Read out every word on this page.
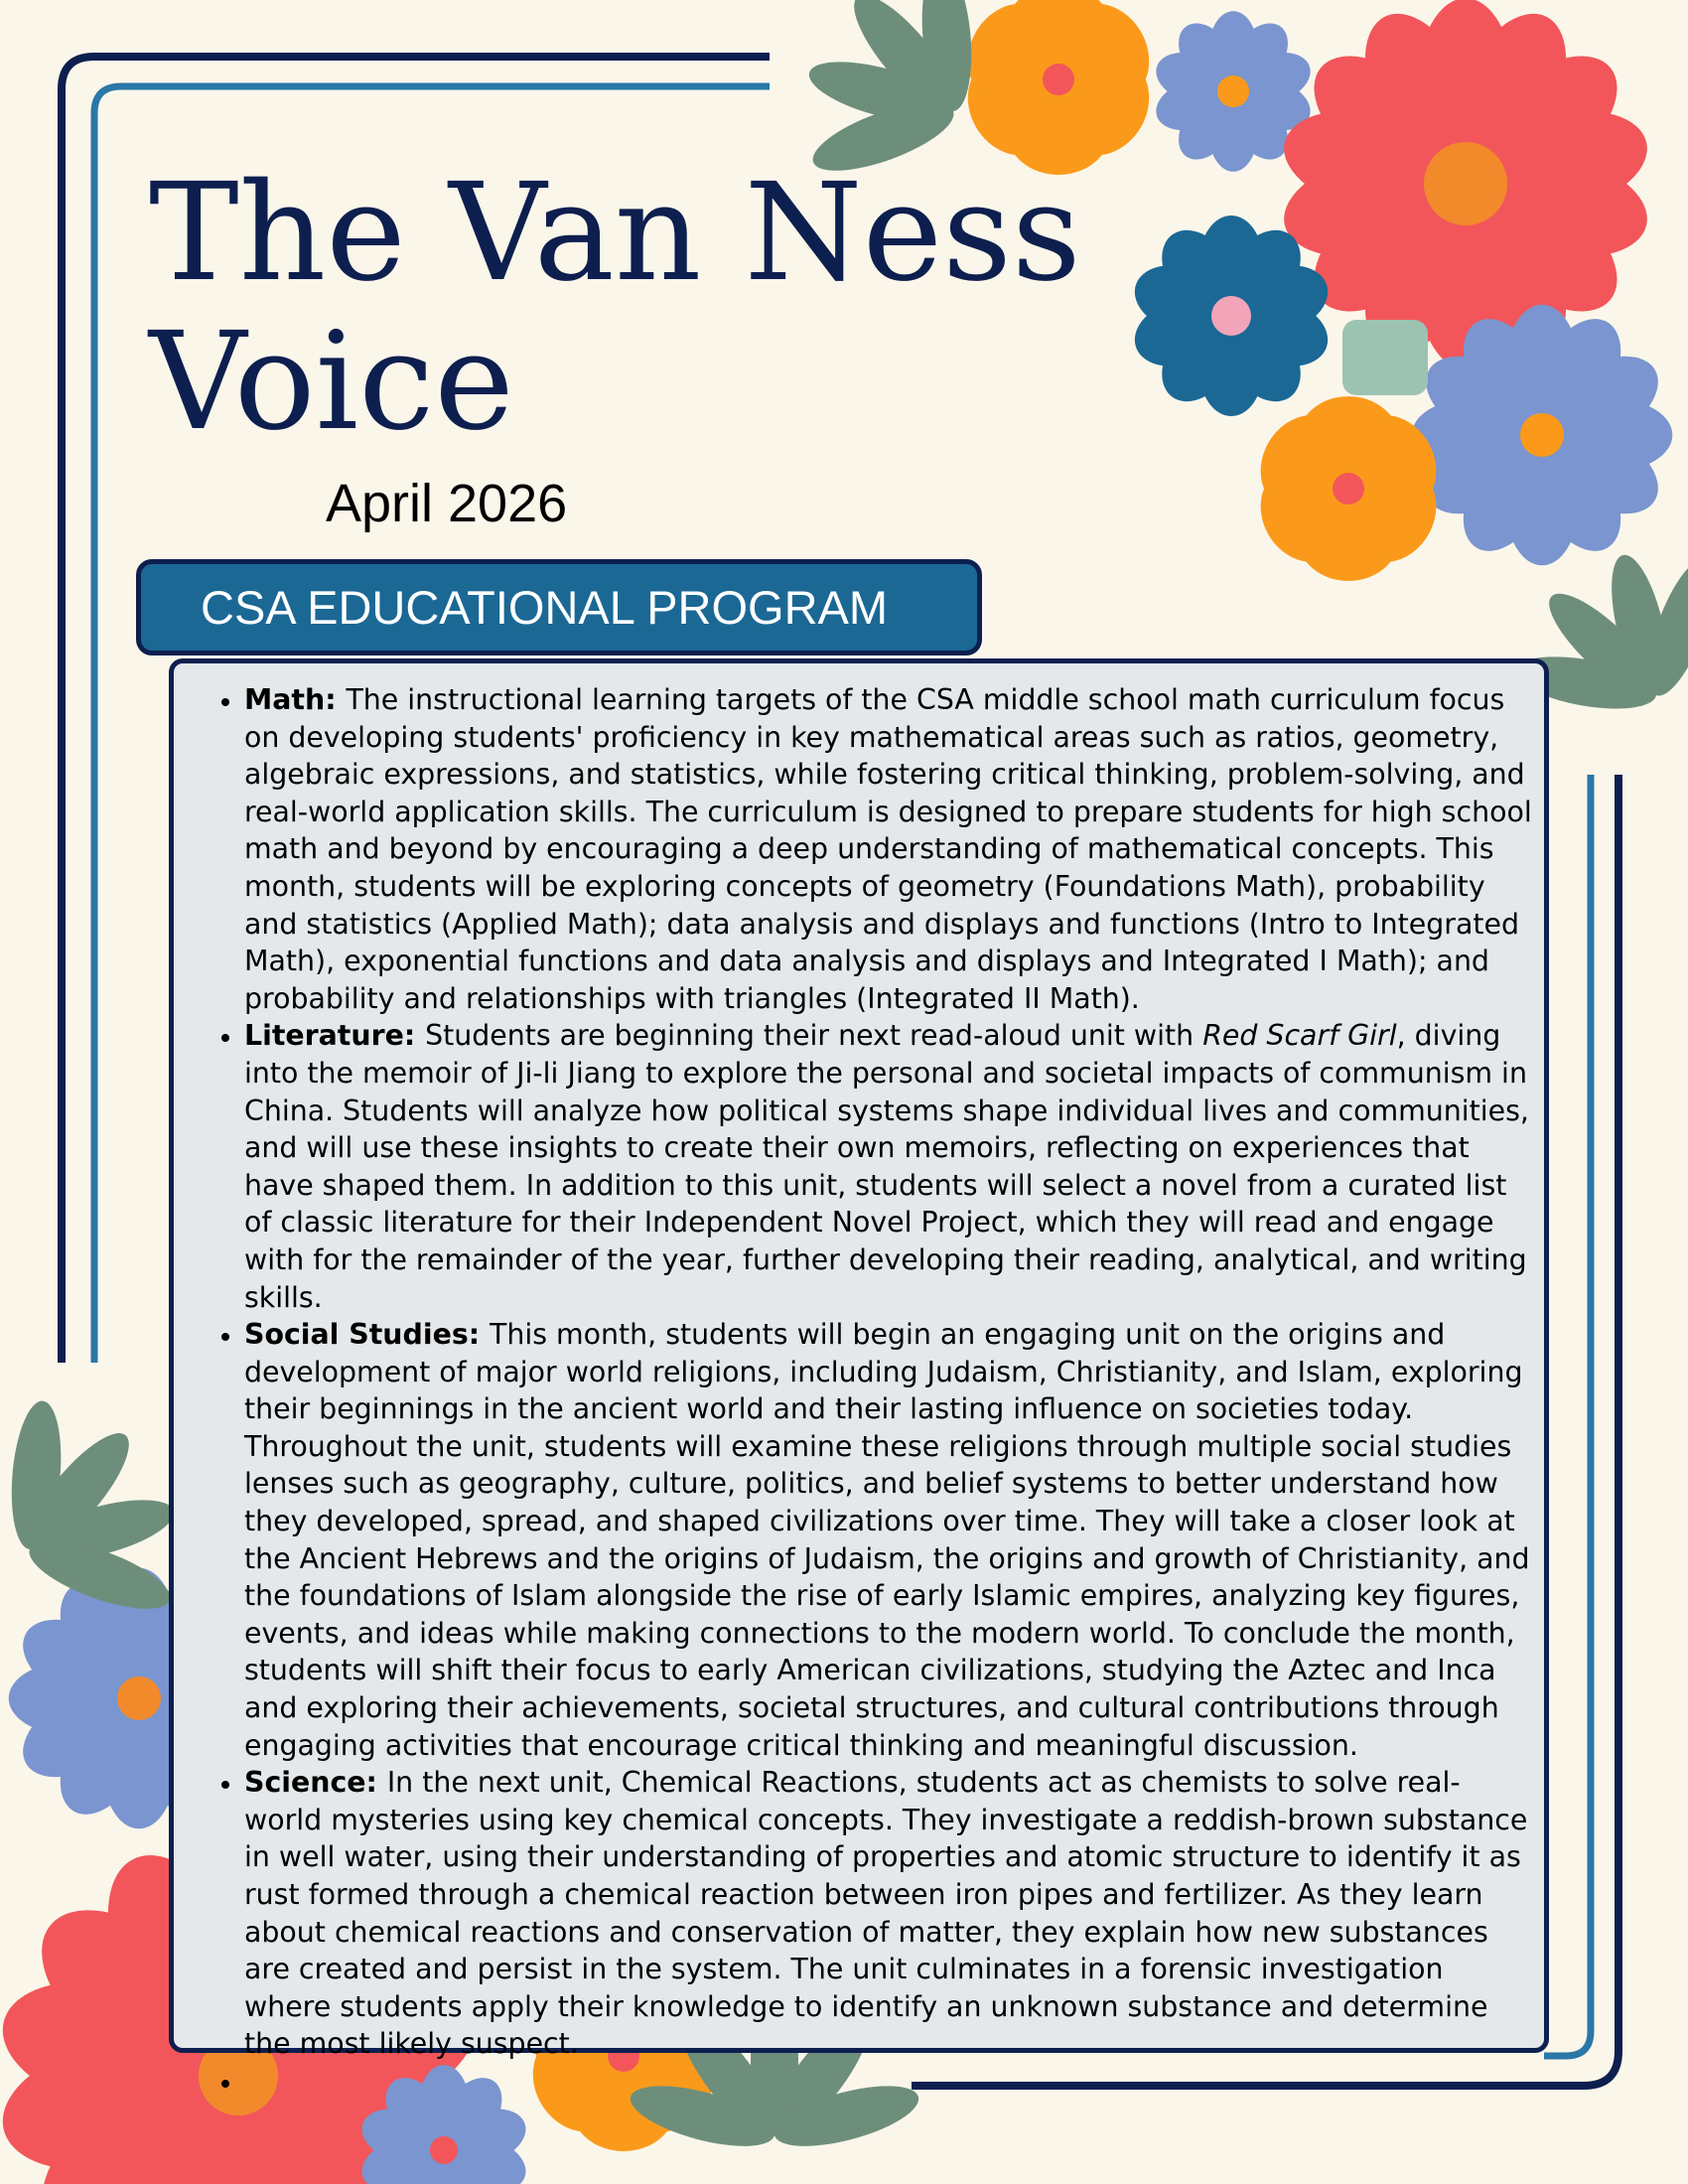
The Van Ness
Voice
April 2026
CSA EDUCATIONAL PROGRAM
• Math: The instructional learning targets of the CSA middle school math curriculum focus on developing students' proficiency in key mathematical areas such as ratios, geometry, algebraic expressions, and statistics, while fostering critical thinking, problem-solving, and real-world application skills. The curriculum is designed to prepare students for high school math and beyond by encouraging a deep understanding of mathematical concepts. This month, students will be exploring concepts of geometry (Foundations Math), probability and statistics (Applied Math); data analysis and displays and functions (Intro to Integrated Math), exponential functions and data analysis and displays and Integrated I Math); and probability and relationships with triangles (Integrated II Math).
• Literature: Students are beginning their next read-aloud unit with Red Scarf Girl, diving into the memoir of Ji-li Jiang to explore the personal and societal impacts of communism in China. Students will analyze how political systems shape individual lives and communities, and will use these insights to create their own memoirs, reflecting on experiences that have shaped them. In addition to this unit, students will select a novel from a curated list of classic literature for their Independent Novel Project, which they will read and engage with for the remainder of the year, further developing their reading, analytical, and writing skills.
• Social Studies: This month, students will begin an engaging unit on the origins and development of major world religions, including Judaism, Christianity, and Islam, exploring their beginnings in the ancient world and their lasting influence on societies today. Throughout the unit, students will examine these religions through multiple social studies lenses such as geography, culture, politics, and belief systems to better understand how they developed, spread, and shaped civilizations over time. They will take a closer look at the Ancient Hebrews and the origins of Judaism, the origins and growth of Christianity, and the foundations of Islam alongside the rise of early Islamic empires, analyzing key figures, events, and ideas while making connections to the modern world. To conclude the month, students will shift their focus to early American civilizations, studying the Aztec and Inca and exploring their achievements, societal structures, and cultural contributions through engaging activities that encourage critical thinking and meaningful discussion.
• Science: In the next unit, Chemical Reactions, students act as chemists to solve real-world mysteries using key chemical concepts. They investigate a reddish-brown substance in well water, using their understanding of properties and atomic structure to identify it as rust formed through a chemical reaction between iron pipes and fertilizer. As they learn about chemical reactions and conservation of matter, they explain how new substances are created and persist in the system. The unit culminates in a forensic investigation where students apply their knowledge to identify an unknown substance and determine the most likely suspect.
•
